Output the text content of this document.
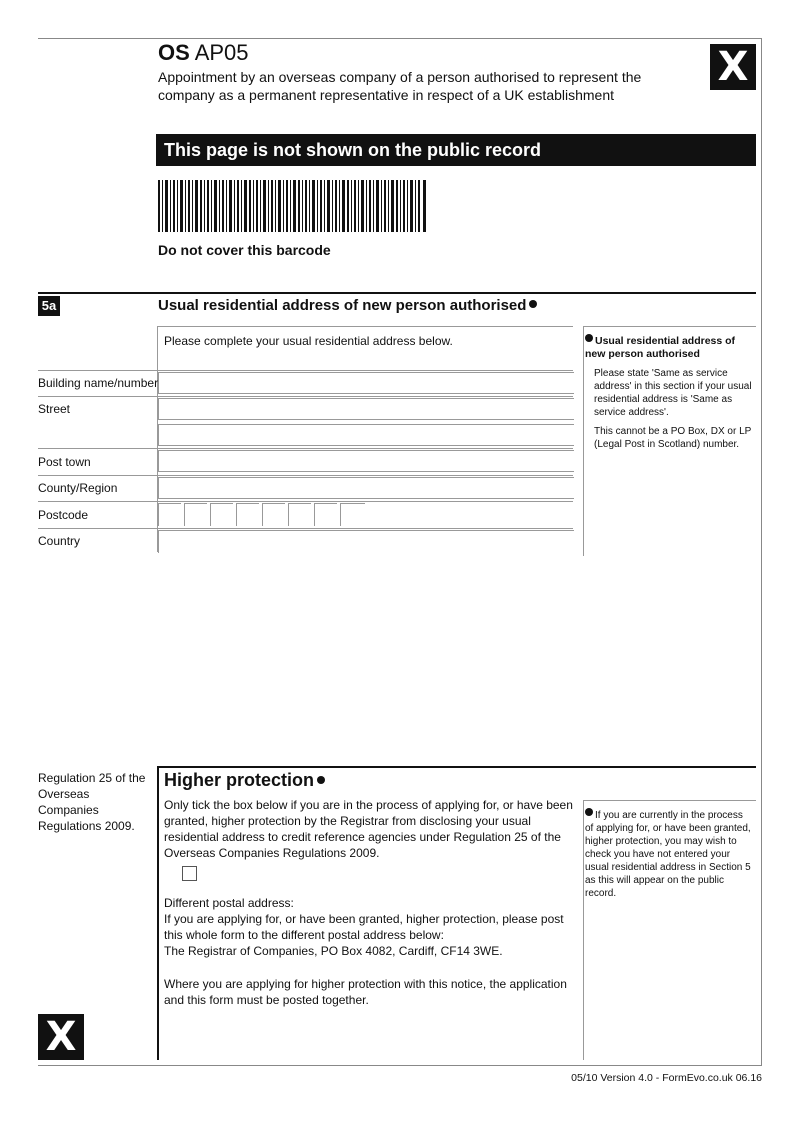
OS AP05
Appointment by an overseas company of a person authorised to represent the company as a permanent representative in respect of a UK establishment
X
This page is not shown on the public record
Do not cover this barcode
5a	Usual residential address of new person authorised
Please complete your usual residential address below.
Building name/number
Street
Post town
County/Region
Postcode
Country
Usual residential address of new person authorised
Please state 'Same as service address' in this section if your usual residential address is 'Same as service address'.
This cannot be a PO Box, DX or LP (Legal Post in Scotland) number.
Regulation 25 of the Overseas Companies Regulations 2009.
Higher protection
Only tick the box below if you are in the process of applying for, or have been granted, higher protection by the Registrar from disclosing your usual residential address to credit reference agencies under Regulation 25 of the Overseas Companies Regulations 2009.
Different postal address:
If you are applying for, or have been granted, higher protection, please post this whole form to the different postal address below:
The Registrar of Companies, PO Box 4082, Cardiff, CF14 3WE.
Where you are applying for higher protection with this notice, the application and this form must be posted together.
If you are currently in the process of applying for, or have been granted, higher protection, you may wish to check you have not entered your usual residential address in Section 5 as this will appear on the public record.
X
05/10 Version 4.0 - FormEvo.co.uk 06.16
